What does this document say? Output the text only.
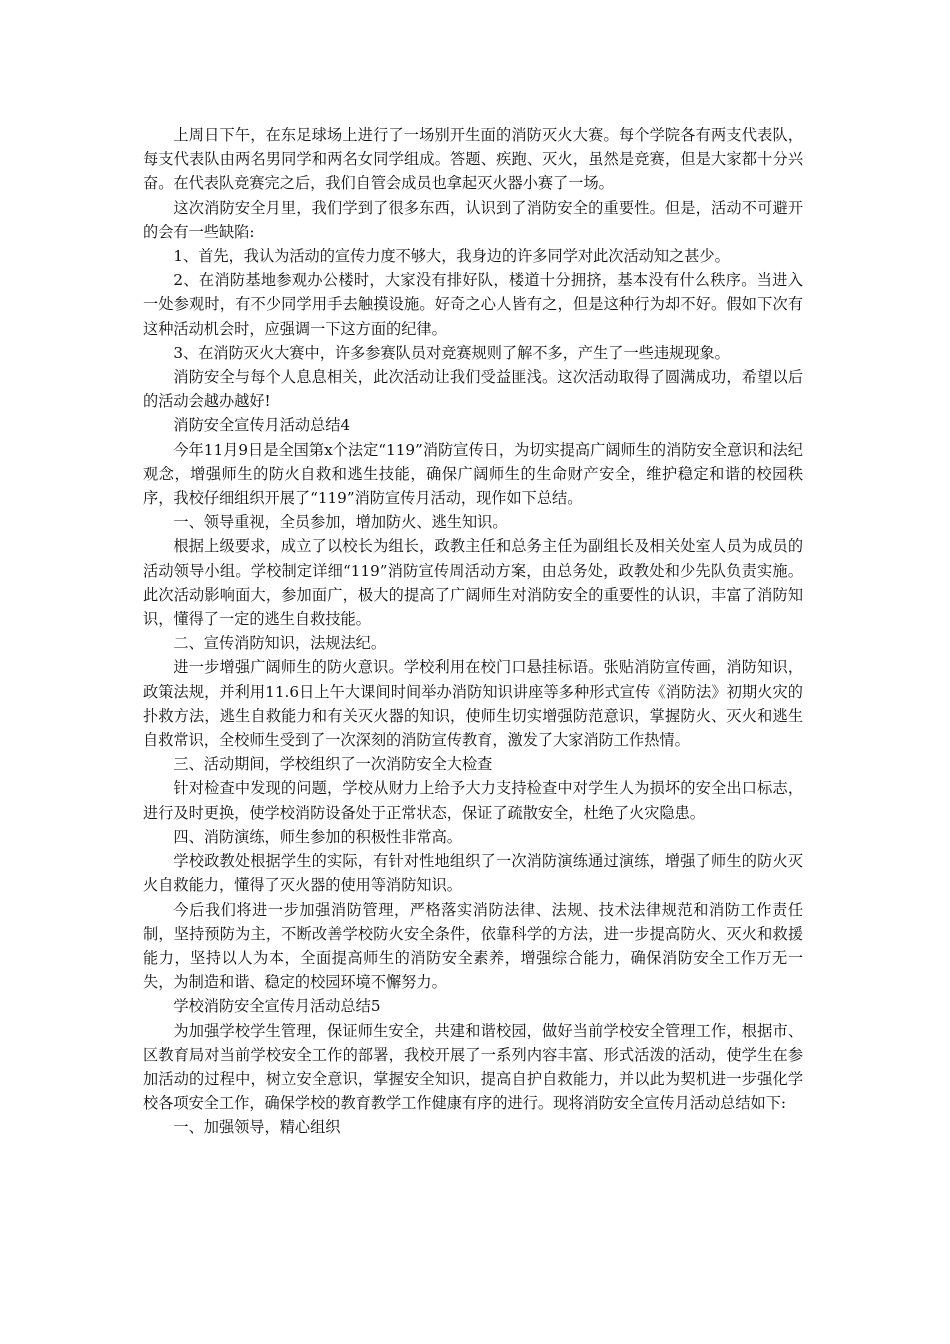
上周日下午，在东足球场上进行了一场别开生面的消防灭火大赛。每个学院各有两支代表队，每支代表队由两名男同学和两名女同学组成。答题、疾跑、灭火，虽然是竞赛，但是大家都十分兴奋。在代表队竞赛完之后，我们自管会成员也拿起灭火器小赛了一场。

这次消防安全月里，我们学到了很多东西，认识到了消防安全的重要性。但是，活动不可避开的会有一些缺陷:

1、首先，我认为活动的宣传力度不够大，我身边的许多同学对此次活动知之甚少。

2、在消防基地参观办公楼时，大家没有排好队，楼道十分拥挤，基本没有什么秩序。当进入一处参观时，有不少同学用手去触摸设施。好奇之心人皆有之，但是这种行为却不好。假如下次有这种活动机会时，应强调一下这方面的纪律。

3、在消防灭火大赛中，许多参赛队员对竞赛规则了解不多，产生了一些违规现象。

消防安全与每个人息息相关，此次活动让我们受益匪浅。这次活动取得了圆满成功，希望以后的活动会越办越好!

消防安全宣传月活动总结4

今年11月9日是全国第x个法定“119”消防宣传日，为切实提高广阔师生的消防安全意识和法纪观念，增强师生的防火自救和逃生技能，确保广阔师生的生命财产安全，维护稳定和谐的校园秩序，我校仔细组织开展了“119”消防宣传月活动，现作如下总结。

一、领导重视，全员参加，增加防火、逃生知识。

根据上级要求，成立了以校长为组长，政教主任和总务主任为副组长及相关处室人员为成员的活动领导小组。学校制定详细“119”消防宣传周活动方案，由总务处，政教处和少先队负责实施。此次活动影响面大，参加面广，极大的提高了广阔师生对消防安全的重要性的认识，丰富了消防知识，懂得了一定的逃生自救技能。

二、宣传消防知识，法规法纪。

进一步增强广阔师生的防火意识。学校利用在校门口悬挂标语。张贴消防宣传画，消防知识，政策法规，并利用11.6日上午大课间时间举办消防知识讲座等多种形式宣传《消防法》初期火灾的扑救方法，逃生自救能力和有关灭火器的知识，使师生切实增强防范意识，掌握防火、灭火和逃生自救常识，全校师生受到了一次深刻的消防宣传教育，激发了大家消防工作热情。

三、活动期间，学校组织了一次消防安全大检查

针对检查中发现的问题，学校从财力上给予大力支持检查中对学生人为损坏的安全出口标志，进行及时更换，使学校消防设备处于正常状态，保证了疏散安全，杜绝了火灾隐患。

四、消防演练，师生参加的积极性非常高。

学校政教处根据学生的实际，有针对性地组织了一次消防演练通过演练，增强了师生的防火灭火自救能力，懂得了灭火器的使用等消防知识。

今后我们将进一步加强消防管理，严格落实消防法律、法规、技术法律规范和消防工作责任制，坚持预防为主，不断改善学校防火安全条件，依靠科学的方法，进一步提高防火、灭火和救援能力，坚持以人为本，全面提高师生的消防安全素养，增强综合能力，确保消防安全工作万无一失，为制造和谐、稳定的校园环境不懈努力。

学校消防安全宣传月活动总结5

为加强学校学生管理，保证师生安全，共建和谐校园，做好当前学校安全管理工作，根据市、区教育局对当前学校安全工作的部署，我校开展了一系列内容丰富、形式活泼的活动，使学生在参加活动的过程中，树立安全意识，掌握安全知识，提高自护自救能力，并以此为契机进一步强化学校各项安全工作，确保学校的教育教学工作健康有序的进行。现将消防安全宣传月活动总结如下:

一、加强领导，精心组织
